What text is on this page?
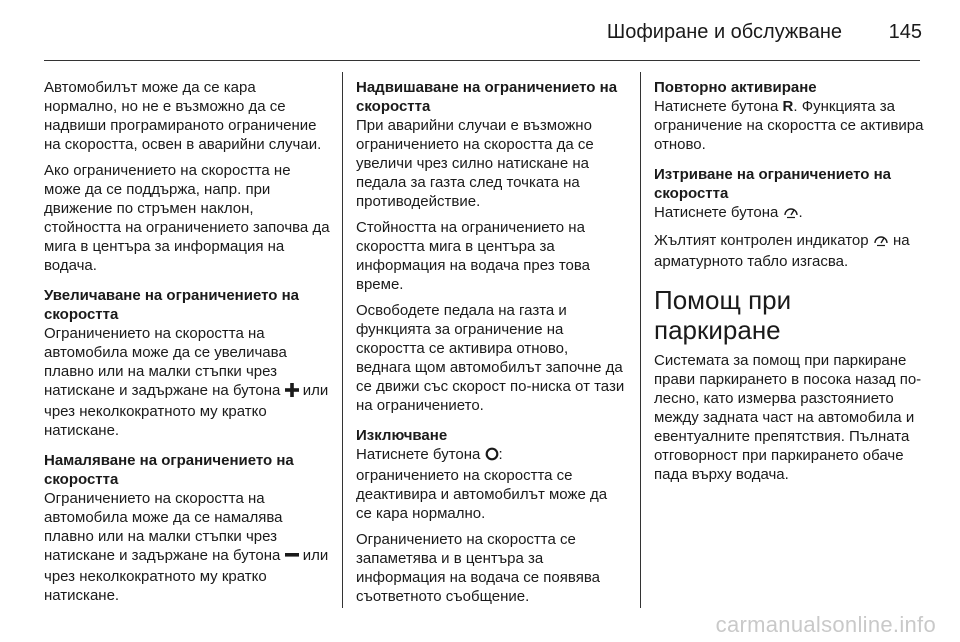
Шофиране и обслужване 145

Автомобилът може да се кара нормално, но не е възможно да се надвиши програмираното ограничение на скоростта, освен в аварийни случаи.

Ако ограничението на скоростта не може да се поддържа, напр. при движение по стръмен наклон, стойността на ограничението започва да мига в центъра за информация на водача.

Увеличаване на ограничението на скоростта

Ограничението на скоростта на автомобила може да се увеличава плавно или на малки стъпки чрез натискане и задържане на бутона  или чрез неколкократното му кратко натискане.

Намаляване на ограничението на скоростта

Ограничението на скоростта на автомобила може да се намалява плавно или на малки стъпки чрез натискане и задържане на бутона  или чрез неколкократното му кратко натискане.

Надвишаване на ограничението на скоростта

При аварийни случаи е възможно ограничението на скоростта да се увеличи чрез силно натискане на педала за газта след точката на противодействие.

Стойността на ограничението на скоростта мига в центъра за информация на водача през това време.

Освободете педала на газта и функцията за ограничение на скоростта се активира отново, веднага щом автомобилът започне да се движи със скорост по-ниска от тази на ограничението.

Изключване

Натиснете бутона :
ограничението на скоростта се деактивира и автомобилът може да се кара нормално.

Ограничението на скоростта се запаметява и в центъра за информация на водача се появява съответното съобщение.

Повторно активиране

Натиснете бутона R. Функцията за ограничение на скоростта се активира отново.

Изтриване на ограничението на скоростта

Натиснете бутона .

Жълтият контролен индикатор  на арматурното табло изгасва.

Помощ при паркиране

Системата за помощ при паркиране прави паркирането в посока назад по-лесно, като измерва разстоянието между задната част на автомобила и евентуалните препятствия. Пълната отговорност при паркирането обаче пада върху водача.

carmanualsonline.info
